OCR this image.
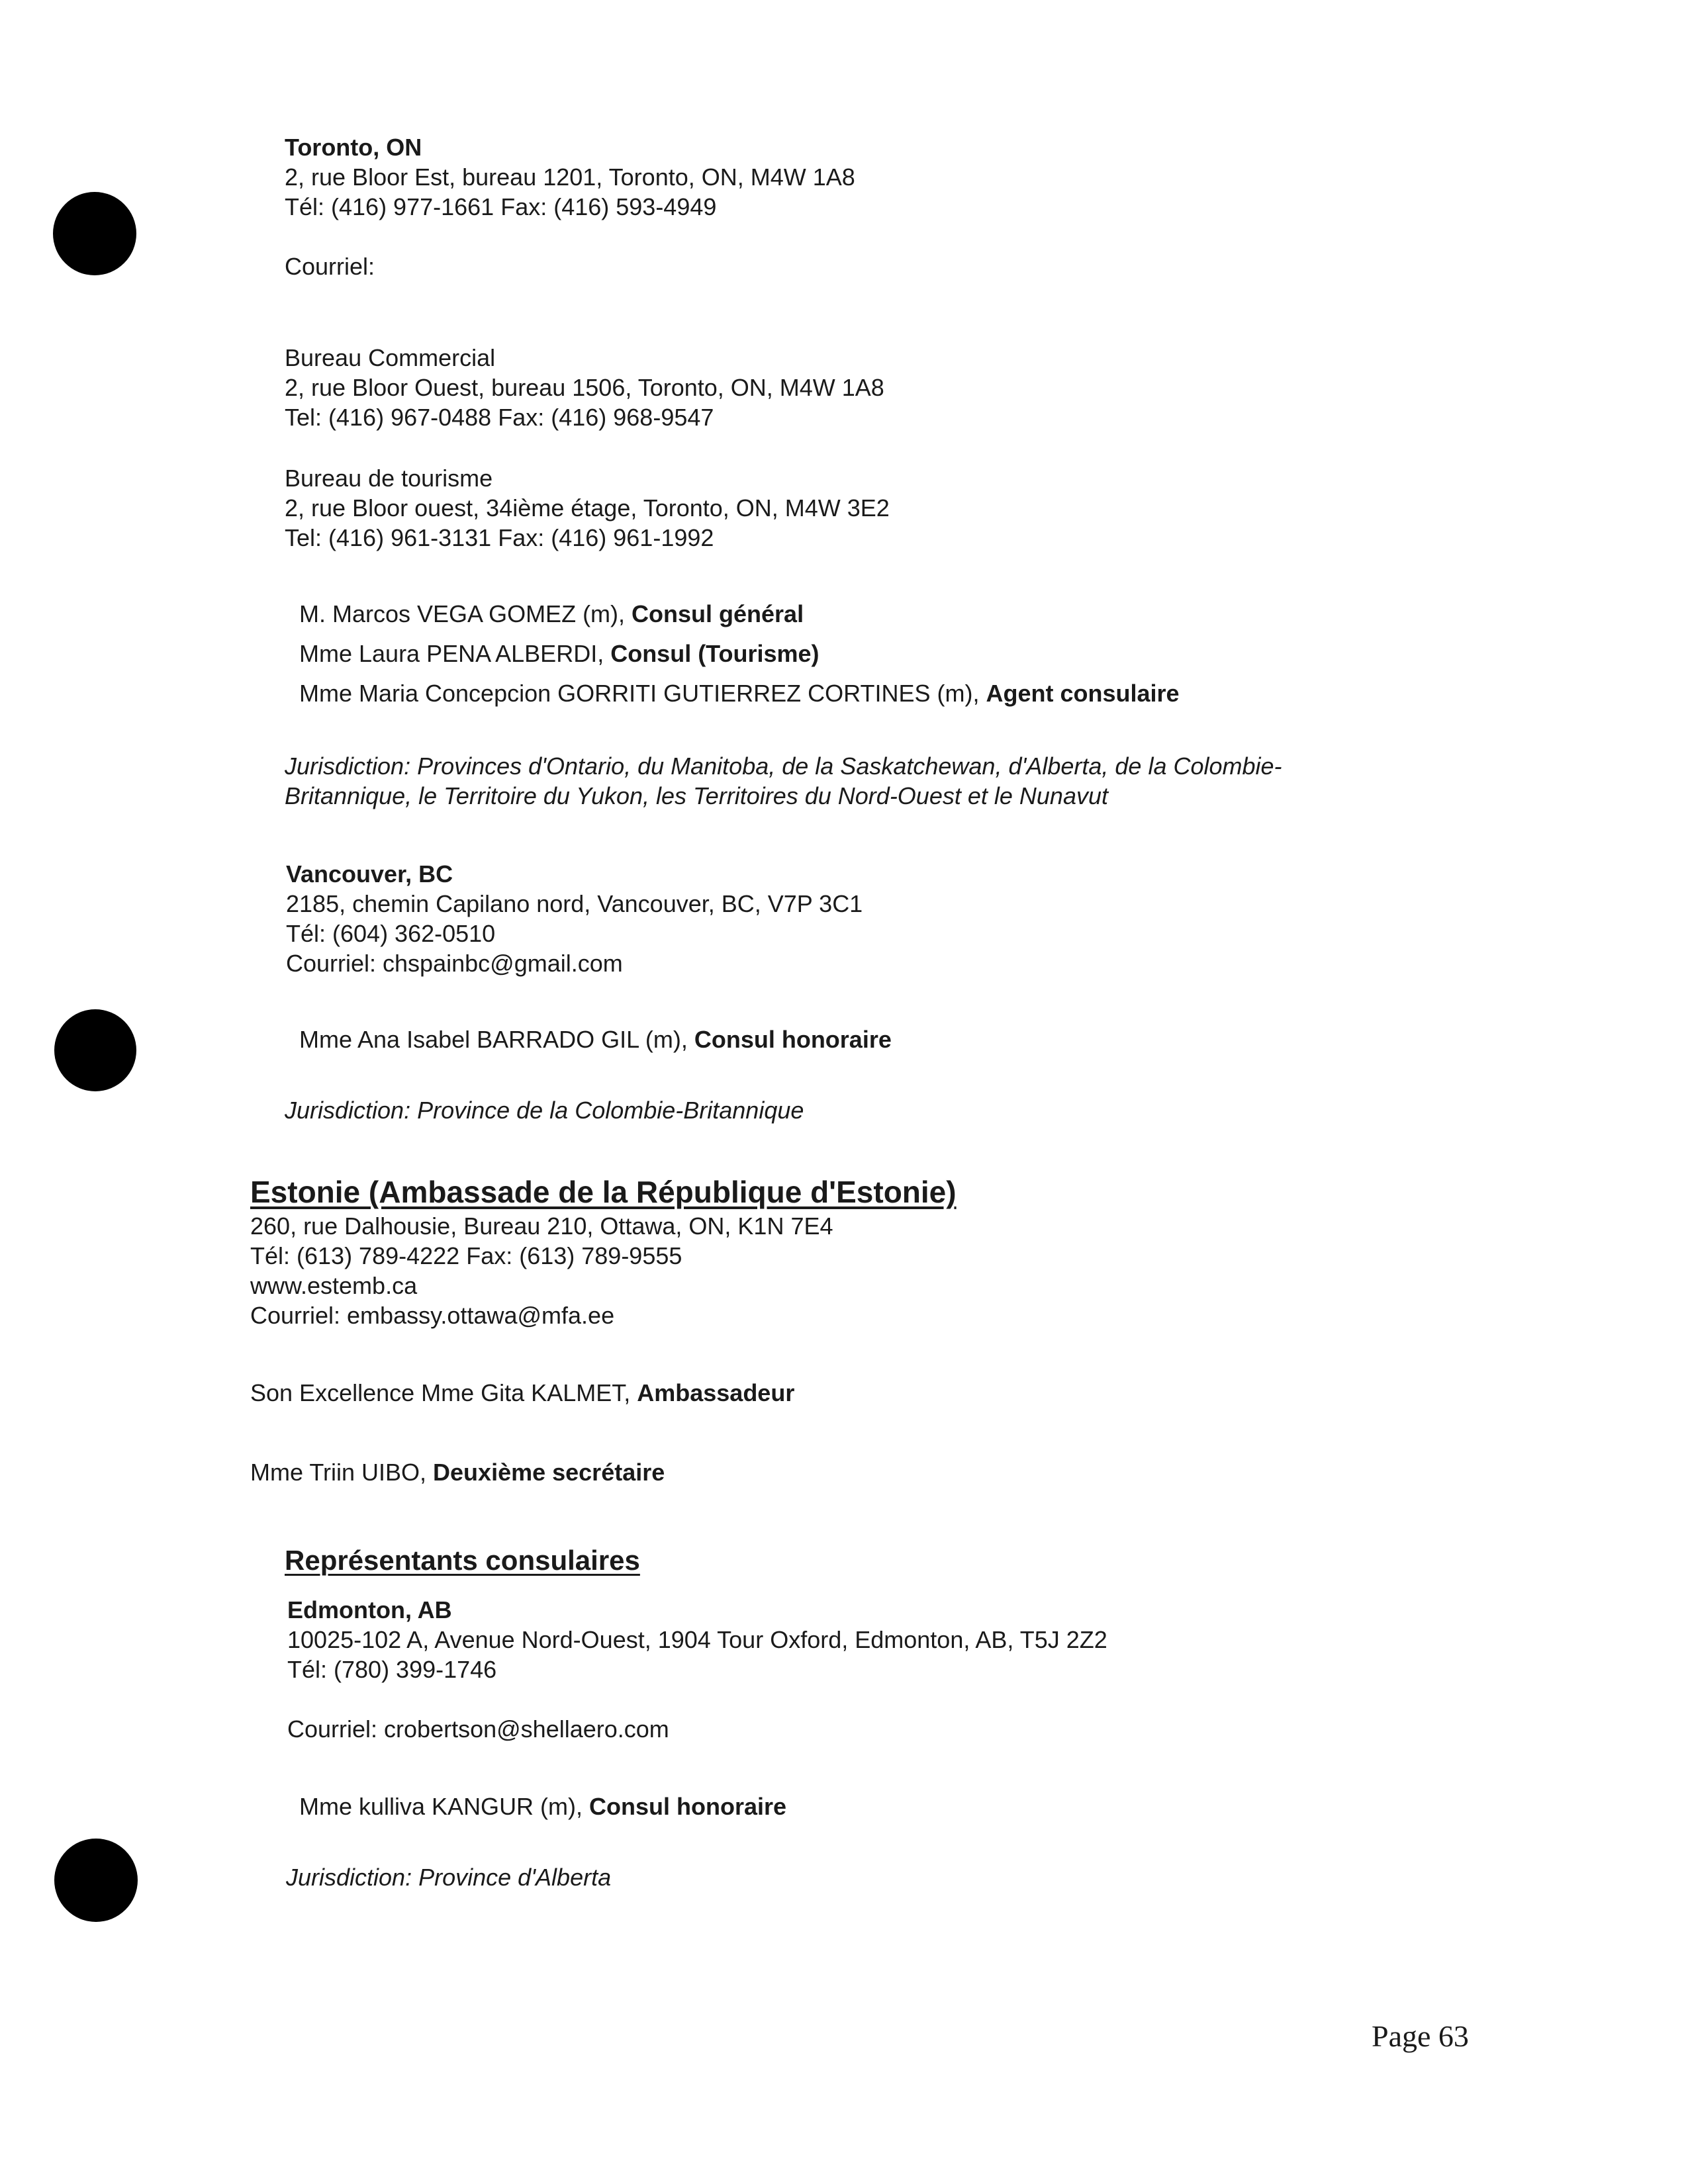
Toronto, ON
2, rue Bloor Est, bureau 1201, Toronto, ON, M4W 1A8
Tél: (416) 977-1661 Fax: (416) 593-4949
Courriel:
Bureau Commercial
2, rue Bloor Ouest, bureau 1506, Toronto, ON, M4W 1A8
Tel: (416) 967-0488 Fax: (416) 968-9547
Bureau de tourisme
2, rue Bloor ouest, 34ième étage, Toronto, ON, M4W 3E2
Tel: (416) 961-3131 Fax: (416) 961-1992
M. Marcos VEGA GOMEZ (m), Consul général
Mme Laura PENA ALBERDI, Consul (Tourisme)
Mme Maria Concepcion GORRITI GUTIERREZ CORTINES (m), Agent consulaire
Jurisdiction: Provinces d'Ontario, du Manitoba, de la Saskatchewan, d'Alberta, de la Colombie-
Britannique, le Territoire du Yukon, les Territoires du Nord-Ouest et le Nunavut
Vancouver, BC
2185, chemin Capilano nord, Vancouver, BC, V7P 3C1
Tél: (604) 362-0510
Courriel: chspainbc@gmail.com
Mme Ana Isabel BARRADO GIL (m), Consul honoraire
Jurisdiction: Province de la Colombie-Britannique
Estonie (Ambassade de la République d'Estonie)
260, rue Dalhousie, Bureau 210, Ottawa, ON, K1N 7E4
Tél: (613) 789-4222 Fax: (613) 789-9555
www.estemb.ca
Courriel: embassy.ottawa@mfa.ee
Son Excellence Mme Gita KALMET, Ambassadeur
Mme Triin UIBO, Deuxième secrétaire
Représentants consulaires
Edmonton, AB
10025-102 A, Avenue Nord-Ouest, 1904 Tour Oxford, Edmonton, AB, T5J 2Z2
Tél: (780) 399-1746
Courriel: crobertson@shellaero.com
Mme kulliva KANGUR (m), Consul honoraire
Jurisdiction: Province d'Alberta
Page 63
